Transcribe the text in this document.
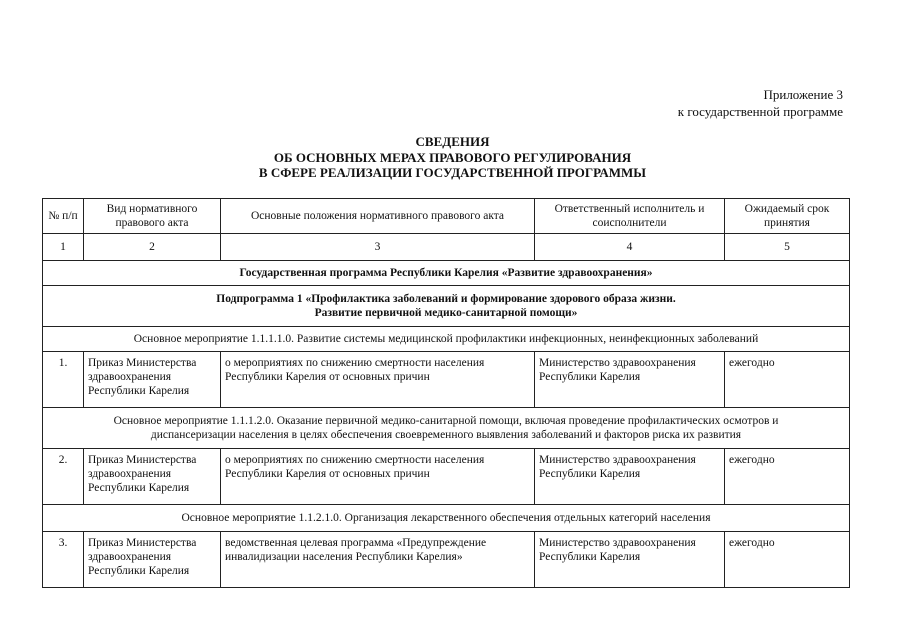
Приложение 3
к государственной программе
СВЕДЕНИЯ
ОБ ОСНОВНЫХ МЕРАХ ПРАВОВОГО РЕГУЛИРОВАНИЯ
В СФЕРЕ РЕАЛИЗАЦИИ ГОСУДАРСТВЕННОЙ ПРОГРАММЫ
№ п/п	Вид нормативного правового акта	Основные положения нормативного правового акта	Ответственный исполнитель и соисполнители	Ожидаемый срок принятия
1	2	3	4	5
Государственная программа Республики Карелия «Развитие здравоохранения»				

Подпрограмма 1 «Профилактика заболеваний и формирование здорового образа жизни.
Развитие первичной медико-санитарной помощи»				

Основное мероприятие 1.1.1.1.0. Развитие системы медицинской профилактики инфекционных, неинфекционных заболеваний				
1.	Приказ Министерства здравоохранения Республики Карелия	о мероприятиях по снижению смертности населения Республики Карелия от основных причин	Министерство здравоохранения Республики Карелия	ежегодно

Основное мероприятие 1.1.1.2.0. Оказание первичной медико-санитарной помощи, включая проведение профилактических осмотров и
диспансеризации населения в целях обеспечения своевременного выявления заболеваний и факторов риска их развития				

2.	Приказ Министерства здравоохранения Республики Карелия	о мероприятиях по снижению смертности населения Республики Карелия от основных причин	Министерство здравоохранения Республики Карелия	ежегодно
Основное мероприятие 1.1.2.1.0. Организация лекарственного обеспечения отдельных категорий населения				
3.	Приказ Министерства здравоохранения Республики Карелия	ведомственная целевая программа «Предупреждение инвалидизации населения Республики Карелия»	Министерство здравоохранения Республики Карелия	ежегодно
